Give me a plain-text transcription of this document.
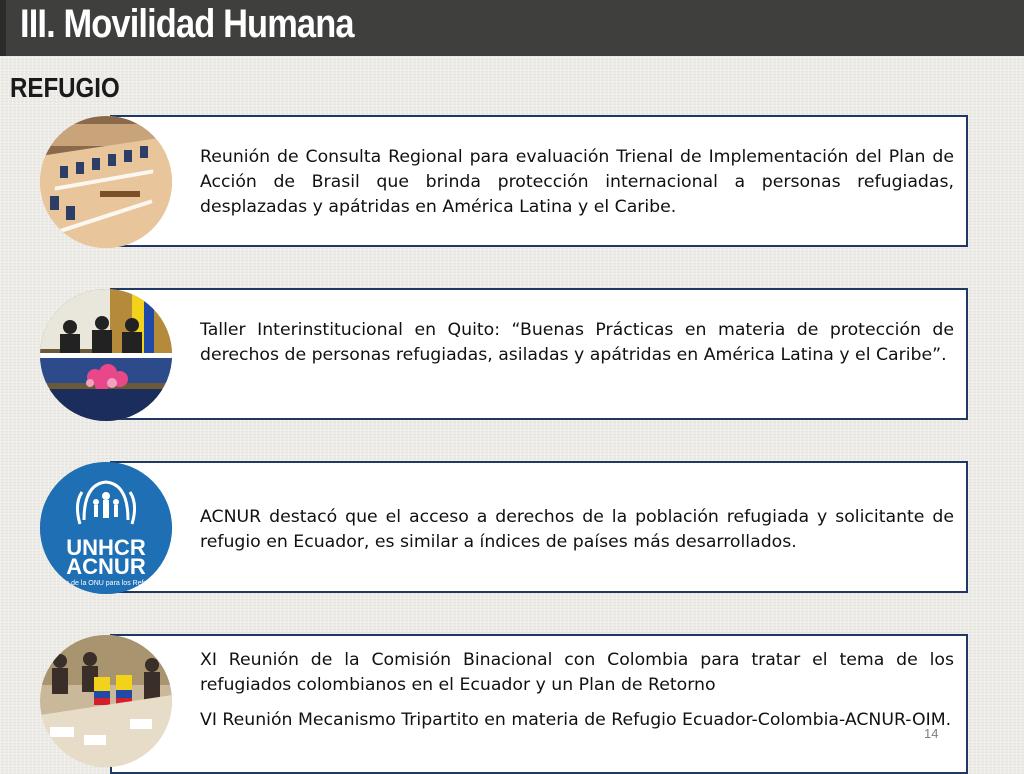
III. Movilidad Humana
REFUGIO

Reunión de Consulta Regional para evaluación Trienal de Implementación del Plan de Acción de Brasil que brinda protección internacional a personas refugiadas, desplazadas y apátridas en América Latina y el Caribe.

Taller Interinstitucional en Quito: “Buenas Prácticas en materia de protección de derechos de personas refugiadas, asiladas y apátridas en América Latina y el Caribe”.

ACNUR destacó que el acceso a derechos de la población refugiada y solicitante de refugio en Ecuador, es similar a índices de países más desarrollados.

UNHCR
ACNUR
Agencia de la ONU para los Refugiados

XI Reunión de la Comisión Binacional con Colombia para tratar el tema de los refugiados colombianos en el Ecuador y un Plan de Retorno

VI Reunión Mecanismo Tripartito en materia de Refugio Ecuador-Colombia-ACNUR-OIM.

14
